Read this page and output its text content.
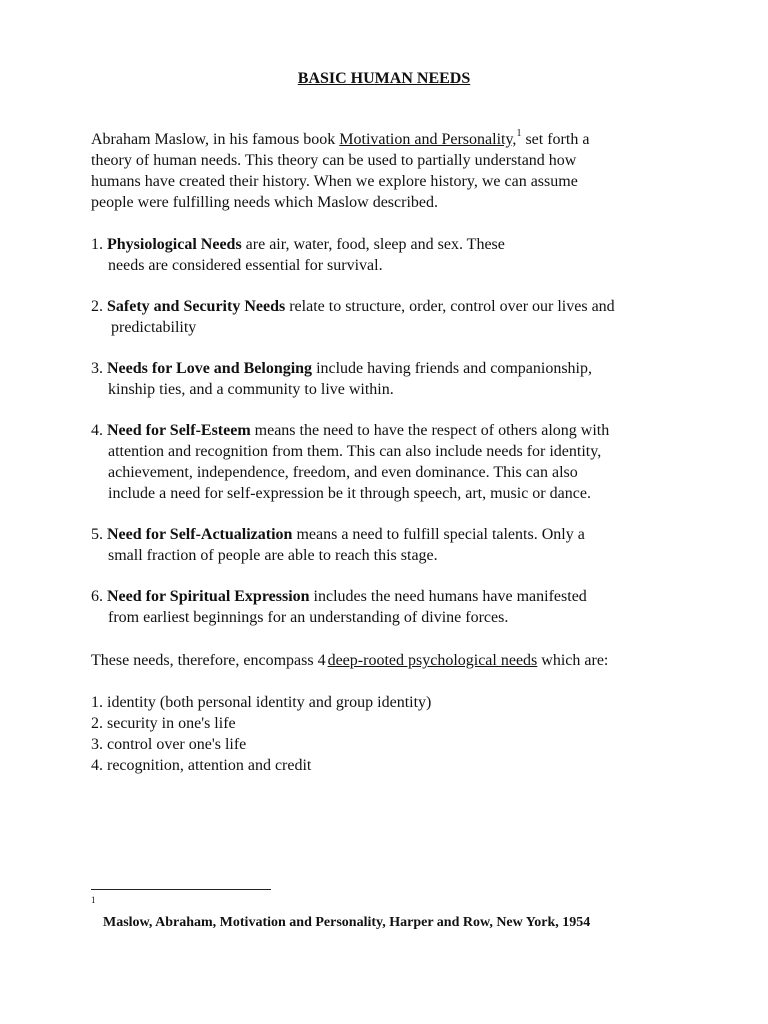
BASIC HUMAN NEEDS
Abraham Maslow, in his famous book Motivation and Personality,$^1$ set forth a
theory of human needs. This theory can be used to partially understand how
humans have created their history. When we explore history, we can assume
people were fulfilling needs which Maslow described.
1. Physiological Needs are air, water, food, sleep and sex. These
needs are considered essential for survival.
2. Safety and Security Needs relate to structure, order, control over our lives and
predictability
3. Needs for Love and Belonging include having friends and companionship,
kinship ties, and a community to live within.
4. Need for Self-Esteem means the need to have the respect of others along with
attention and recognition from them. This can also include needs for identity,
achievement, independence, freedom, and even dominance. This can also
include a need for self-expression be it through speech, art, music or dance.
5. Need for Self-Actualization means a need to fulfill special talents. Only a
small fraction of people are able to reach this stage.
6. Need for Spiritual Expression includes the need humans have manifested
from earliest beginnings for an understanding of divine forces.
These needs, therefore, encompass 4 deep-rooted psychological needs which are:
1. identity (both personal identity and group identity)
2. security in one's life
3. control over one's life
4. recognition, attention and credit
1
Maslow, Abraham, Motivation and Personality, Harper and Row, New York, 1954
